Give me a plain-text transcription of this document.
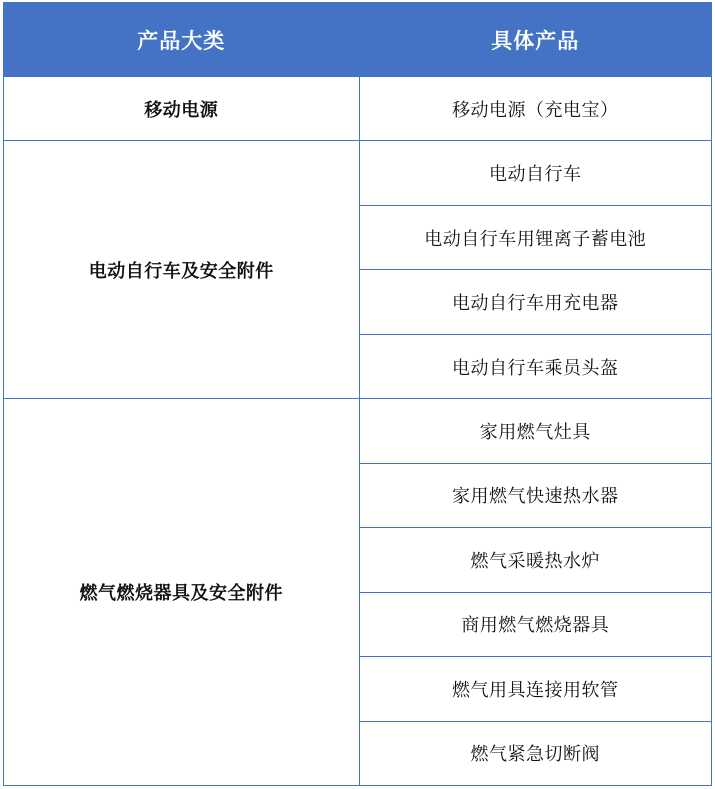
产品大类	具体产品
移动电源	移动电源（充电宝）
电动自行车及安全附件	电动自行车
	电动自行车用锂离子蓄电池
	电动自行车用充电器
	电动自行车乘员头盔
燃气燃烧器具及安全附件	家用燃气灶具
	家用燃气快速热水器
	燃气采暖热水炉
	商用燃气燃烧器具
	燃气用具连接用软管
	燃气紧急切断阀
